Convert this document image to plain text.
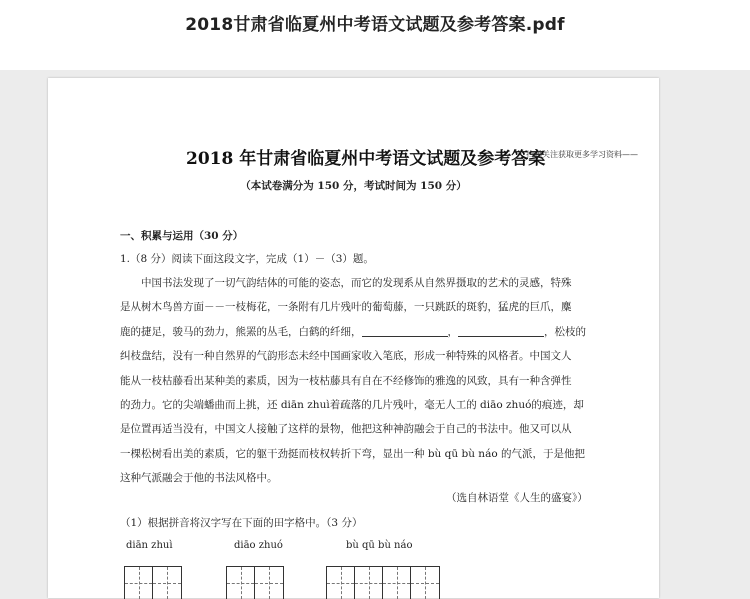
2018甘肃省临夏州中考语文试题及参考答案.pdf
2018 年甘肃省临夏州中考语文试题及参考答案
扫码关注获取更多学习资料——
（本试卷满分为 150 分，考试时间为 150 分）
一、积累与运用（30 分）
1.（8 分）阅读下面这段文字，完成（1）－（3）题。

中国书法发现了一切气韵结体的可能的姿态，而它的发现系从自然界摄取的艺术的灵感，特殊

是从树木鸟兽方面－－一枝梅花，一条附有几片残叶的葡萄藤，一只跳跃的斑豹，猛虎的巨爪，麋

鹿的捷足，骏马的劲力，熊罴的丛毛，白鹤的纤细，	，	，松枝的

纠枝盘结，没有一种自然界的气韵形态未经中国画家收入笔底，形成一种特殊的风格者。中国文人

能从一枝枯藤看出某种美的素质，因为一枝枯藤具有自在不经修饰的雅逸的风致，具有一种含弹性

的劲力。它的尖端蟠曲而上挑，还 diān zhuì着疏落的几片残叶，毫无人工的 diāo zhuó的痕迹，却

是位置再适当没有，中国文人接触了这样的景物，他把这种神韵融会于自己的书法中。他又可以从

一棵松树看出美的素质，它的躯干劲挺而枝权转折下弯，显出一种 bù qū bù náo 的气派，于是他把

这种气派融会于他的书法风格中。

（选自林语堂《人生的盛宴》）
（1）根据拼音将汉字写在下面的田字格中。（3 分）
diān zhuì	diāo zhuó	bù qū bù náo
